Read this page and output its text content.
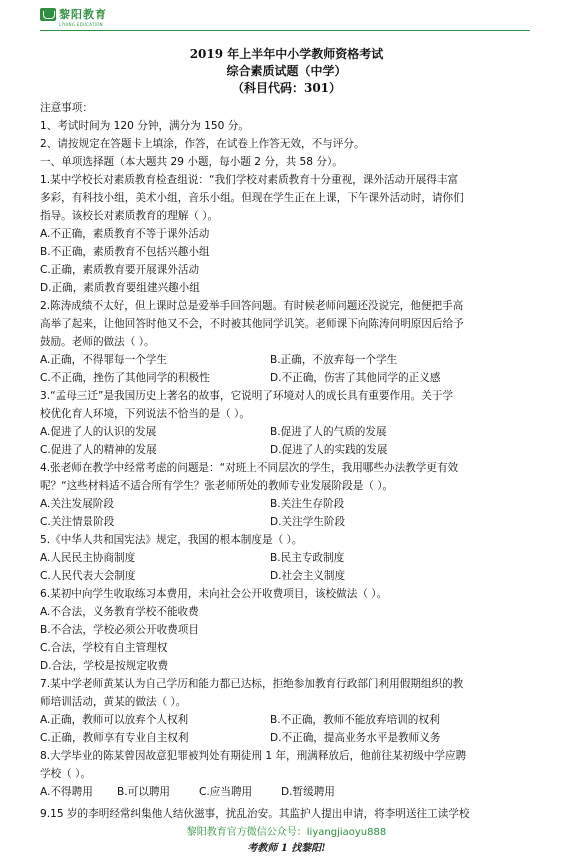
黎阳教育
LIYANG EDUCATION
2019 年上半年中小学教师资格考试
综合素质试题（中学）
（科目代码：301）
注意事项：
1、考试时间为 120 分钟，满分为 150 分。
2、请按规定在答题卡上填涂，作答，在试卷上作答无效，不与评分。
一、单项选择题（本大题共 29 小题，每小题 2 分，共 58 分）。
1.某中学校长对素质教育检查组说：“我们学校对素质教育十分重视，课外活动开展得丰富
多彩，有科技小组，美术小组，音乐小组。但现在学生正在上课，下午课外活动时，请你们
指导。该校长对素质教育的理解（ ）。
A.不正确，素质教育不等于课外活动
B.不正确，素质教育不包括兴趣小组
C.正确，素质教育要开展课外活动
D.正确，素质教育要组建兴趣小组
2.陈涛成绩不太好，但上课时总是爱举手回答问题。有时候老师问题还没说完，他便把手高
高举了起来，让他回答时他又不会，不时被其他同学讥笑。老师课下向陈涛问明原因后给予
鼓励。老师的做法（ ）。
A.正确，不得罪每一个学生	B.正确，不放弃每一个学生
C.不正确，挫伤了其他同学的积极性	D.不正确，伤害了其他同学的正义感
3.“孟母三迁”是我国历史上著名的故事，它说明了环境对人的成长具有重要作用。关于学
校优化育人环境，下列说法不恰当的是（ ）。
A.促进了人的认识的发展	B.促进了人的气质的发展
C.促进了人的精神的发展	D.促进了人的实践的发展
4.张老师在教学中经常考虑的问题是：“对班上不同层次的学生，我用哪些办法教学更有效
呢？“这些材料适不适合所有学生？张老师所处的教师专业发展阶段是（ ）。
A.关注发展阶段	B.关注生存阶段
C.关注情景阶段	D.关注学生阶段
5.《中华人共和国宪法》规定，我国的根本制度是（ ）。
A.人民民主协商制度	B.民主专政制度
C.人民代表大会制度	D.社会主义制度
6.某初中向学生收取练习本费用，未向社会公开收费项目，该校做法（ ）。
A.不合法，义务教育学校不能收费
B.不合法，学校必须公开收费项目
C.合法，学校有自主管理权
D.合法，学校是按规定收费
7.某中学老师黄某认为自己学历和能力都已达标，拒绝参加教育行政部门利用假期组织的教
师培训活动，黄某的做法（ ）。
A.正确，教师可以放弃个人权利	B.不正确，教师不能放弃培训的权利
C.正确，教师享有专业自主权利	D.不正确，提高业务水平是教师义务
8.大学毕业的陈某曾因故意犯罪被判处有期徒刑 1 年，刑满释放后，他前往某初级中学应聘
学校（ ）。
A.不得聘用 B.可以聘用	C.应当聘用	D.暂缓聘用
9.15 岁的李明经常纠集他人结伙滋事，扰乱治安。其监护人提出申请，将李明送往工读学校
黎阳教育官方微信公众号：liyangjiaoyu888
考教师 1 找黎阳!
